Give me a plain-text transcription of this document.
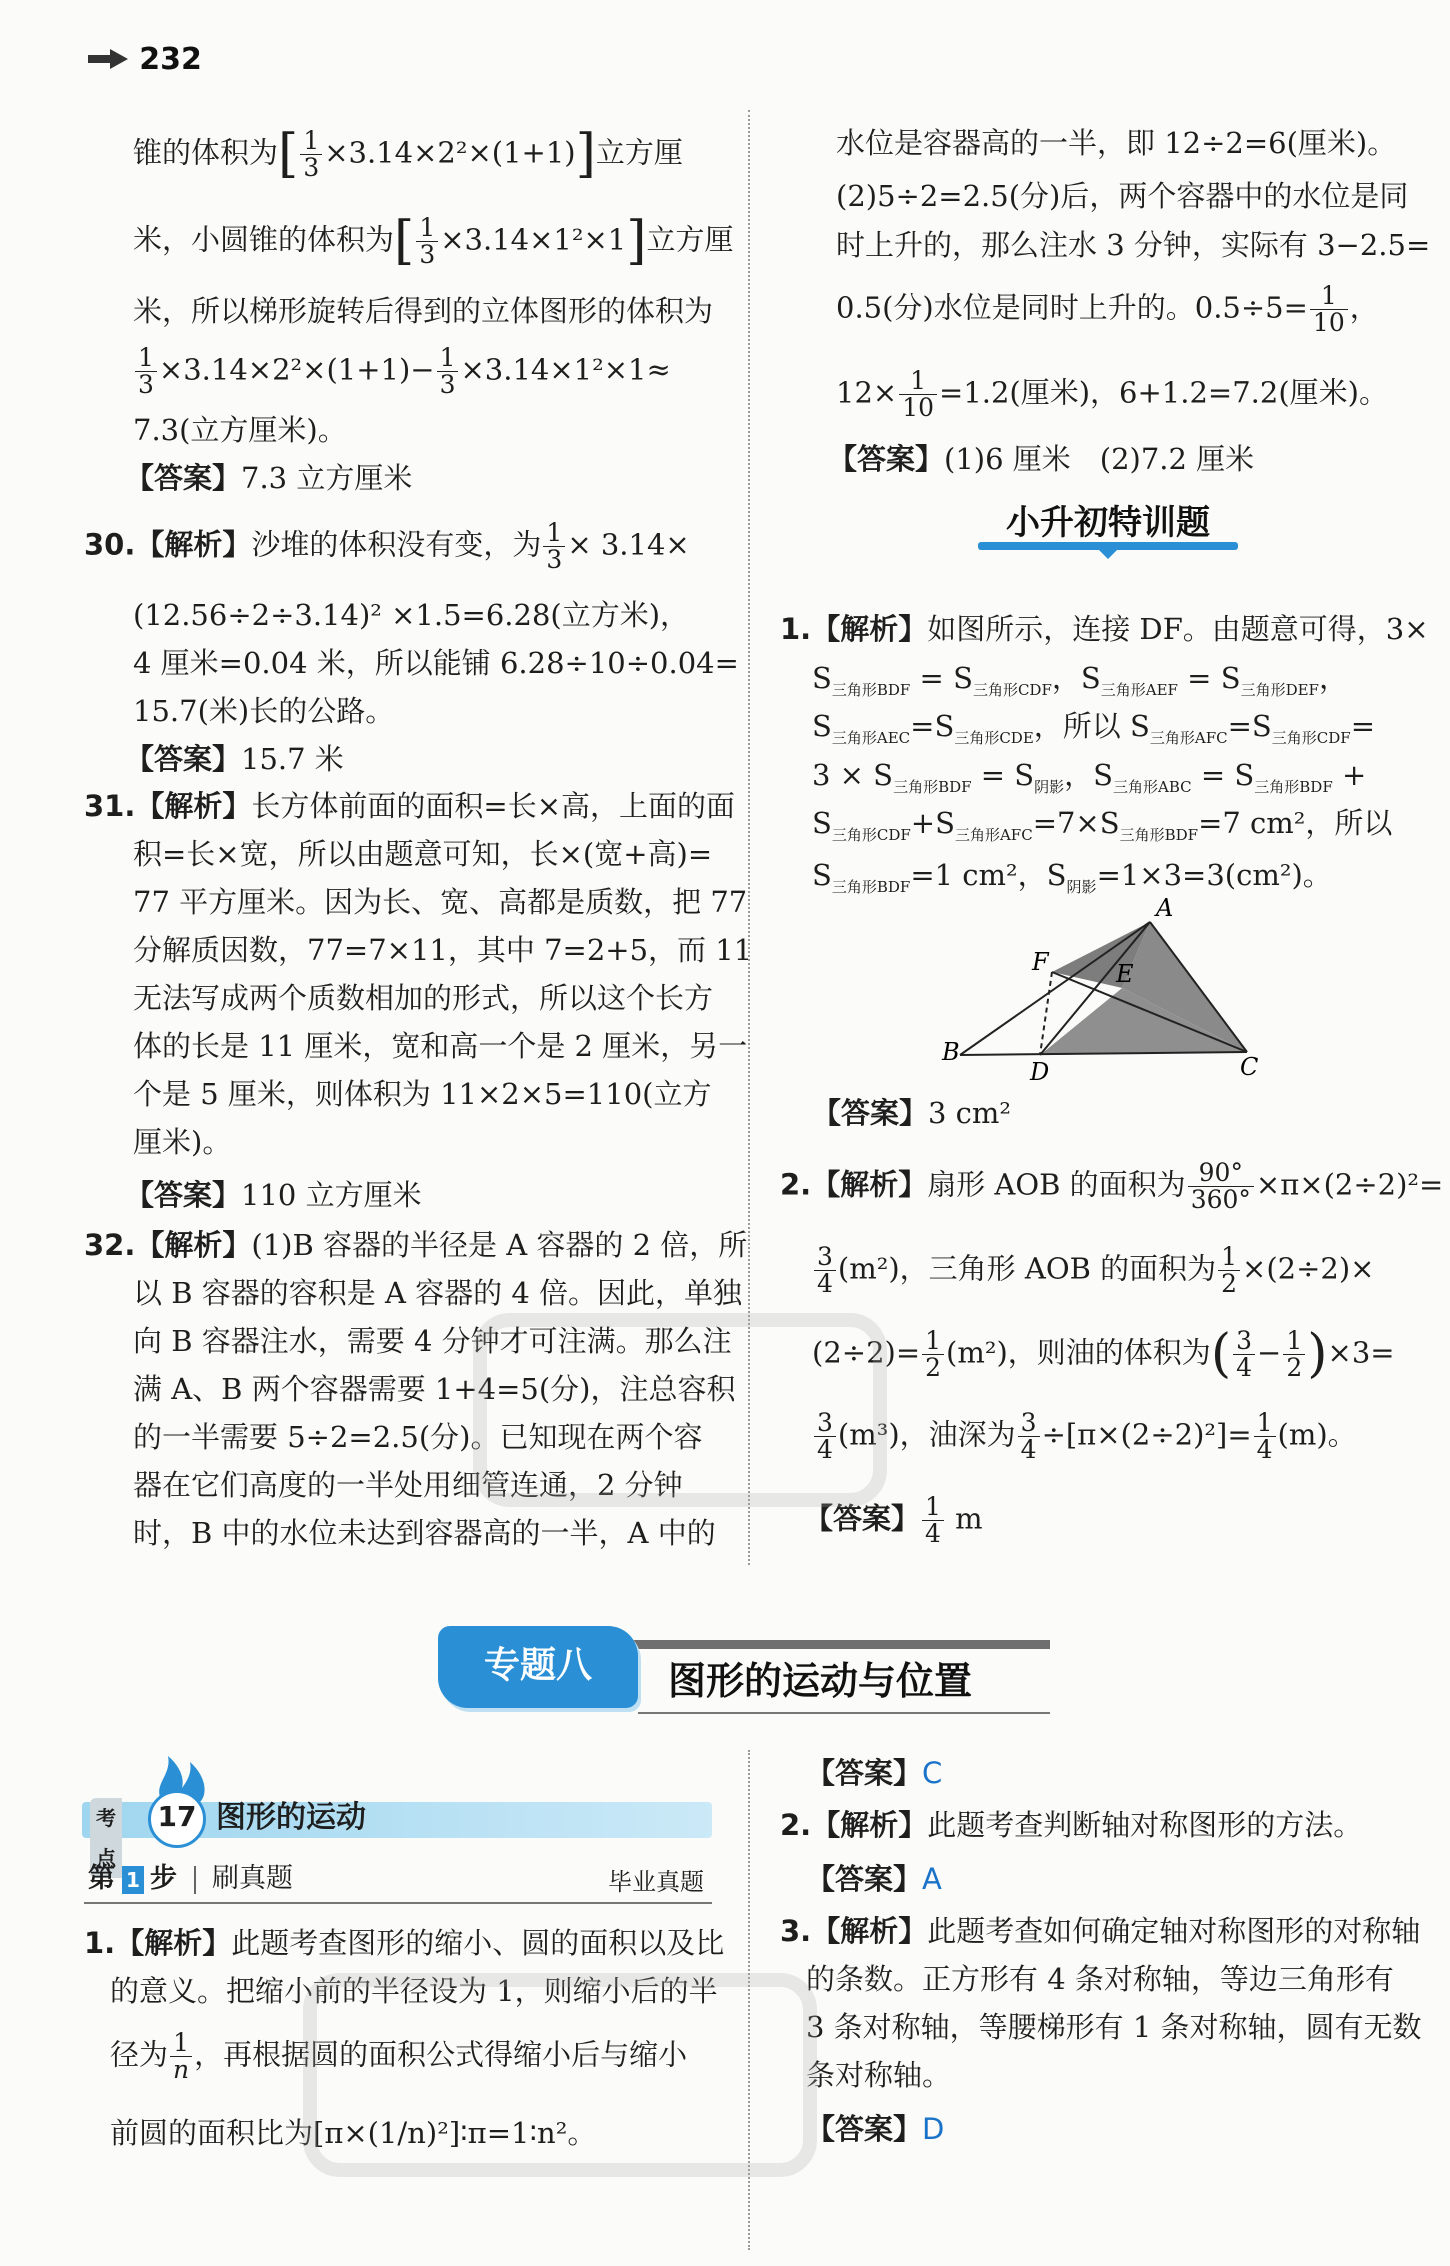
232
锥的体积为[ $\frac{1}{3} \times 3.14\times 2^2\times(1+1)$]立方厘
米，小圆锥的体积为[ $\frac{1}{3} \times 3.14\times 1^2\times 1$]立方厘
米，所以梯形旋转后得到的立体图形的体积为
$\frac{1}{3} \times 3.14\times 2^2\times(1+1)- \frac{1}{3} \times 3.14\times 1^2\times 1\approx$
7.3(立方厘米)。
【答案】7.3 立方厘米
30.【解析】沙堆的体积没有变，为 $\frac{1}{3} \times 3.14\times$
(12.56÷2÷3.14)² ×1.5=6.28(立方米)，
4 厘米=0.04 米，所以能铺 6.28÷10÷0.04=
15.7(米)长的公路。
【答案】15.7 米
31.【解析】长方体前面的面积=长×高，上面的面
积=长×宽，所以由题意可知，长×(宽+高)=
77 平方厘米。因为长、宽、高都是质数，把 77
分解质因数，77=7×11，其中 7=2+5，而 11
无法写成两个质数相加的形式，所以这个长方
体的长是 11 厘米，宽和高一个是 2 厘米，另一
个是 5 厘米，则体积为 11×2×5=110(立方
厘米)。
【答案】110 立方厘米
32.【解析】(1)B 容器的半径是 A 容器的 2 倍，所
以 B 容器的容积是 A 容器的 4 倍。因此，单独
向 B 容器注水，需要 4 分钟才可注满。那么注
满 A、B 两个容器需要 1+4=5(分)，注总容积
的一半需要 5÷2=2.5(分)。已知现在两个容
器在它们高度的一半处用细管连通，2 分钟
时，B 中的水位未达到容器高的一半，A 中的
水位是容器高的一半，即 12÷2=6(厘米)。
(2)5÷2=2.5(分)后，两个容器中的水位是同
时上升的，那么注水 3 分钟，实际有 3−2.5=
0.5(分)水位是同时上升的。$0.5\div 5= \frac{1}{10}$ ，
$12\times \frac{1}{10} =1.2$(厘米)，6+1.2=7.2(厘米)。
【答案】(1)6 厘米　(2)7.2 厘米
小升初特训题
1.【解析】如图所示，连接 DF。由题意可得，3×
$S_{三角形BDF} = S_{三角形CDF}$，$S_{三角形AEF} = S_{三角形DEF}$，
$S_{三角形AEC}=S_{三角形CDE}$，所以 $S_{三角形AFC}=S_{三角形CDF}=$
$3 \times S_{三角形BDF} = S_{阴影}$，$S_{三角形ABC} = S_{三角形BDF}$ +
$S_{三角形CDF}+S_{三角形AFC}=7\times S_{三角形BDF}=7$ cm²，所以
$S_{三角形BDF}=1$ cm²，$S_{阴影}=1\times 3=3(cm^2)$。
A
B
C
D
E
F
【答案】3 cm²
2.【解析】扇形 AOB 的面积为 $\frac{90^\circ}{360^\circ} \times\pi\times(2\div 2)^2=$
$\frac{3}{4} (m^2)$，三角形 AOB 的面积为 $\frac{1}{2} \times(2\div 2)\times$
$(2\div 2)= \frac{1}{2} (m^2)$，则油的体积为( $\frac{3}{4} - \frac{1}{2} )\times 3=$
$\frac{3}{4} (m^3)$，油深为 $\frac{3}{4} \div[\pi\times(2\div 2)^2]= \frac{1}{4} (m)$。
【答案】 $\frac{1}{4}$ m
专题八	图形的运动与位置
考点
17 图形的运动
第 1 步 刷真题	毕业真题
1.【解析】此题考查图形的缩小、圆的面积以及比
的意义。把缩小前的半径设为 1，则缩小后的半
径为 $\frac{1}{n}$ ，再根据圆的面积公式得缩小后与缩小
前圆的面积比为[π×(1/n)²]∶π=1∶n²。
【答案】C
2.【解析】此题考查判断轴对称图形的方法。
【答案】A
3.【解析】此题考查如何确定轴对称图形的对称轴
的条数。正方形有 4 条对称轴，等边三角形有
3 条对称轴，等腰梯形有 1 条对称轴，圆有无数
条对称轴。
【答案】D
